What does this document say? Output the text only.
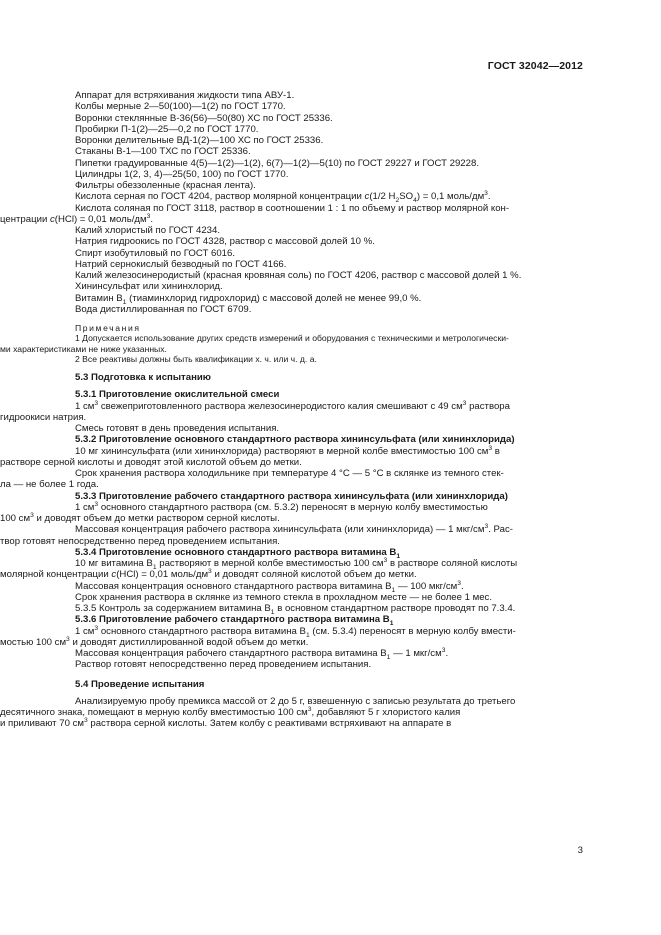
ГОСТ 32042—2012

Аппарат для встряхивания жидкости типа АВУ-1.

Колбы мерные 2—50(100)—1(2) по ГОСТ 1770.

Воронки стеклянные В-36(56)—50(80) ХС по ГОСТ 25336.

Пробирки П-1(2)—25—0,2 по ГОСТ 1770.

Воронки делительные ВД-1(2)—100 ХС по ГОСТ 25336.

Стаканы В-1—100 ТХС по ГОСТ 25336.

Пипетки градуированные 4(5)—1(2)—1(2), 6(7)—1(2)—5(10) по ГОСТ 29227 и ГОСТ 29228.

Цилиндры 1(2, 3, 4)—25(50, 100) по ГОСТ 1770.

Фильтры обеззоленные (красная лента).

Кислота серная по ГОСТ 4204, раствор молярной концентрации c(1/2 $H_2SO_4) = 0,1$ моль/$дм^3$.

Кислота соляная по ГОСТ 3118, раствор в соотношении 1 : 1 по объему и раствор молярной кон-

центрации c(HCl) = 0,01 моль/$дм^3$.

Калий хлористый по ГОСТ 4234.

Натрия гидроокись по ГОСТ 4328, раствор с массовой долей 10 %.

Спирт изобутиловый по ГОСТ 6016.

Натрий сернокислый безводный по ГОСТ 4166.

Калий железосинеродистый (красная кровяная соль) по ГОСТ 4206, раствор с массовой долей 1 %.

Хининсульфат или хининхлорид.

Витамин $B_1$ (тиаминхлорид гидрохлорид) с массовой долей не менее 99,0 %.

Вода дистиллированная по ГОСТ 6709.

Примечания

1 Допускается использование других средств измерений и оборудования с техническими и метрологически-

ми характеристиками не ниже указанных.

2 Все реактивы должны быть квалификации х. ч. или ч. д. а.

5.3 Подготовка к испытанию

5.3.1 Приготовление окислительной смеси

1 $см^3$ свежеприготовленного раствора железосинеродистого калия смешивают с 49 $см^3$ раствора

гидроокиси натрия.

Смесь готовят в день проведения испытания.

5.3.2 Приготовление основного стандартного раствора хининсульфата (или хининхлорида)

10 мг хининсульфата (или хининхлорида) растворяют в мерной колбе вместимостью 100 $см^3$ в

растворе серной кислоты и доводят этой кислотой объем до метки.

Срок хранения раствора холодильнике при температуре 4 °С — 5 °С в склянке из темного стек-

ла — не более 1 года.

5.3.3 Приготовление рабочего стандартного раствора хининсульфата (или хининхлорида)

1 $см^3$ основного стандартного раствора (см. 5.3.2) переносят в мерную колбу вместимостью

100 $см^3$ и доводят объем до метки раствором серной кислоты.

Массовая концентрация рабочего раствора хининсульфата (или хининхлорида) — 1 мкг/$см^3$. Рас-

твор готовят непосредственно перед проведением испытания.

5.3.4 Приготовление основного стандартного раствора витамина $B_1$

10 мг витамина $B_1$ растворяют в мерной колбе вместимостью 100 $см^3$ в растворе соляной кислоты

молярной концентрации c(HCl) = 0,01 моль/$дм^3$ и доводят соляной кислотой объем до метки.

Массовая концентрация основного стандартного раствора витамина $B_1$ — 100 мкг/$см^3$.

Срок хранения раствора в склянке из темного стекла в прохладном месте — не более 1 мес.

5.3.5 Контроль за содержанием витамина $B_1$ в основном стандартном растворе проводят по 7.3.4.

5.3.6 Приготовление рабочего стандартного раствора витамина $B_1$

1 $см^3$ основного стандартного раствора витамина $B_1$ (см. 5.3.4) переносят в мерную колбу вмести-

мостью 100 $см^3$ и доводят дистиллированной водой объем до метки.

Массовая концентрация рабочего стандартного раствора витамина $B_1$ — 1 мкг/$см^3$.

Раствор готовят непосредственно перед проведением испытания.

5.4 Проведение испытания

Анализируемую пробу премикса массой от 2 до 5 г, взвешенную с записью результата до третьего

десятичного знака, помещают в мерную колбу вместимостью 100 $см^3$, добавляют 5 г хлористого калия

и приливают 70 $см^3$ раствора серной кислоты. Затем колбу с реактивами встряхивают на аппарате в

3
